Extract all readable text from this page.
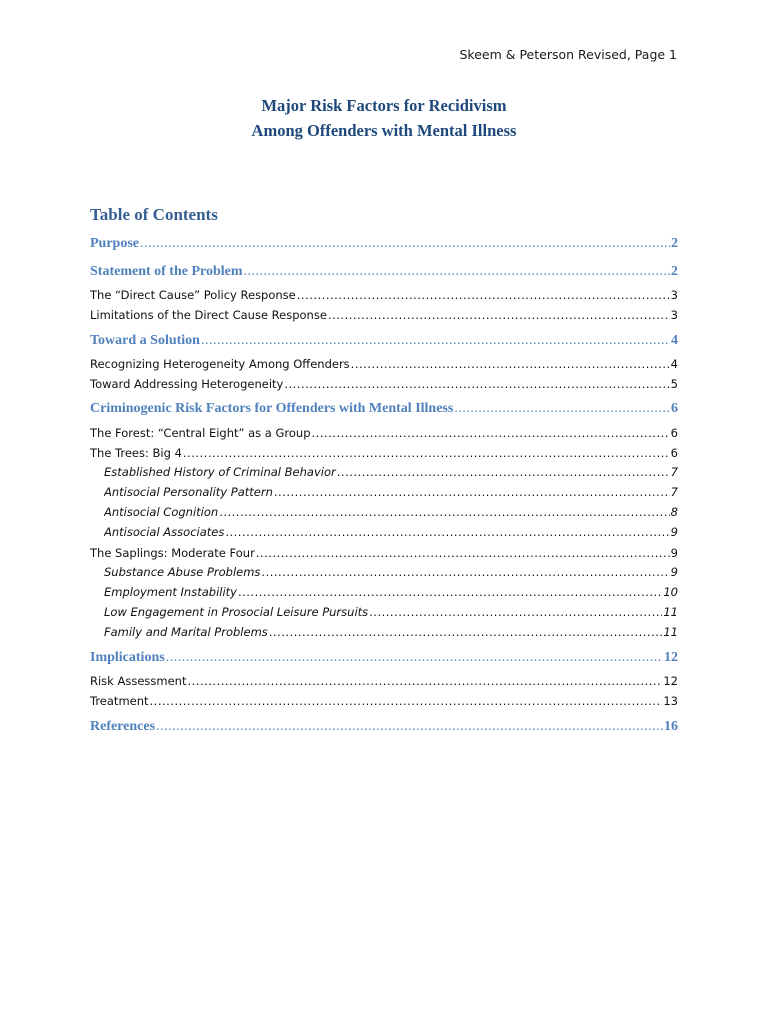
Skeem & Peterson Revised, Page 1
Major Risk Factors for Recidivism
Among Offenders with Mental Illness
Table of Contents
Purpose .....	2
Statement of the Problem .....	2
The “Direct Cause” Policy Response .....	3
Limitations of the Direct Cause Response .....	3
Toward a Solution .....	4
Recognizing Heterogeneity Among Offenders .....	4
Toward Addressing Heterogeneity .....	5
Criminogenic Risk Factors for Offenders with Mental Illness .....	6
The Forest: “Central Eight” as a Group .....	6
The Trees: Big 4 .....	6
Established History of Criminal Behavior .....	7
Antisocial Personality Pattern .....	7
Antisocial Cognition .....	8
Antisocial Associates .....	9
The Saplings: Moderate Four .....	9
Substance Abuse Problems .....	9
Employment Instability .....	10
Low Engagement in Prosocial Leisure Pursuits .....	11
Family and Marital Problems .....	11
Implications .....	12
Risk Assessment .....	12
Treatment .....	13
References .....	16
